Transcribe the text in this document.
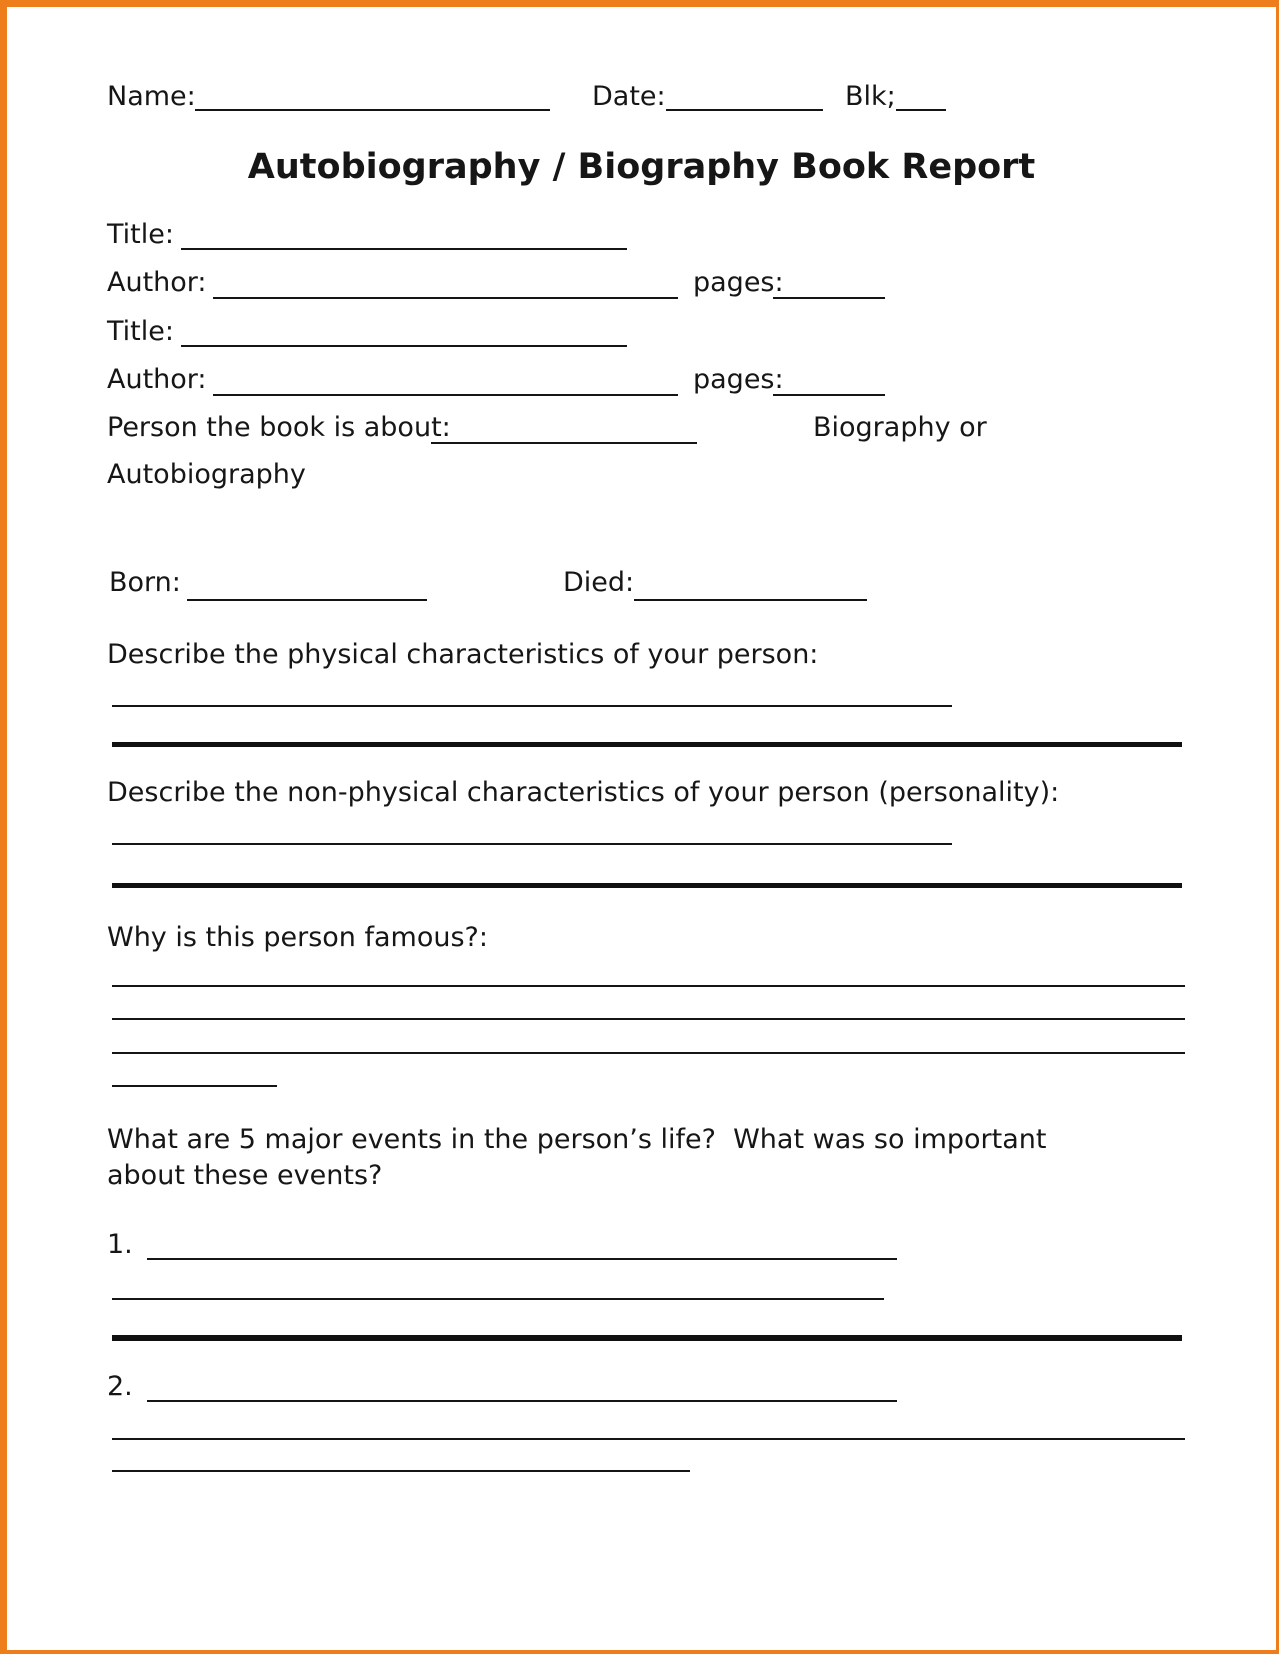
Name:	Date:	Blk;
Autobiography / Biography Book Report
Title:
Author:	pages:
Title:
Author:	pages:
Person the book is about:	Biography or
Autobiography
Born:	Died:
Describe the physical characteristics of your person:
Describe the non-physical characteristics of your person (personality):
Why is this person famous?:
What are 5 major events in the person’s life?  What was so important about these events?
1.
2.
